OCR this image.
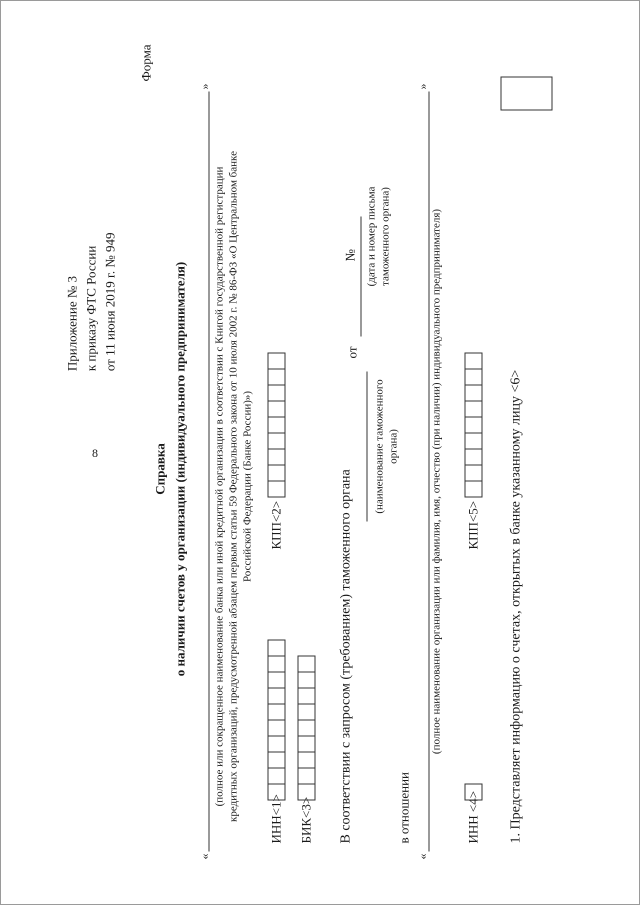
8
Приложение № 3 к приказу ФТС России от 11 июня 2019 г. № 949
Форма
Справка о наличии счетов у организации (индивидуального предпринимателя)
«
»
(полное или сокращенное наименование банка или иной кредитной организации в соответствии с Книгой государственной регистрации кредитных организаций, предусмотренной абзацем первым статьи 59 Федерального закона от 10 июля 2002 г. № 86-ФЗ «О Центральном банке Российской Федерации (Банке России)»)
ИНН<1>
КПП<2>
БИК<3> В соответствии с запросом (требованием) таможенного органа
(наименование таможенного органа)
от
№ (дата и номер письма таможенного органа)
в отношении
«
»
(полное наименование организации или фамилия, имя, отчество (при наличии) индивидуального предпринимателя)
ИНН <4>
КПП<5> 1. Представляет информацию о счетах, открытых в банке указанному лицу <6>
